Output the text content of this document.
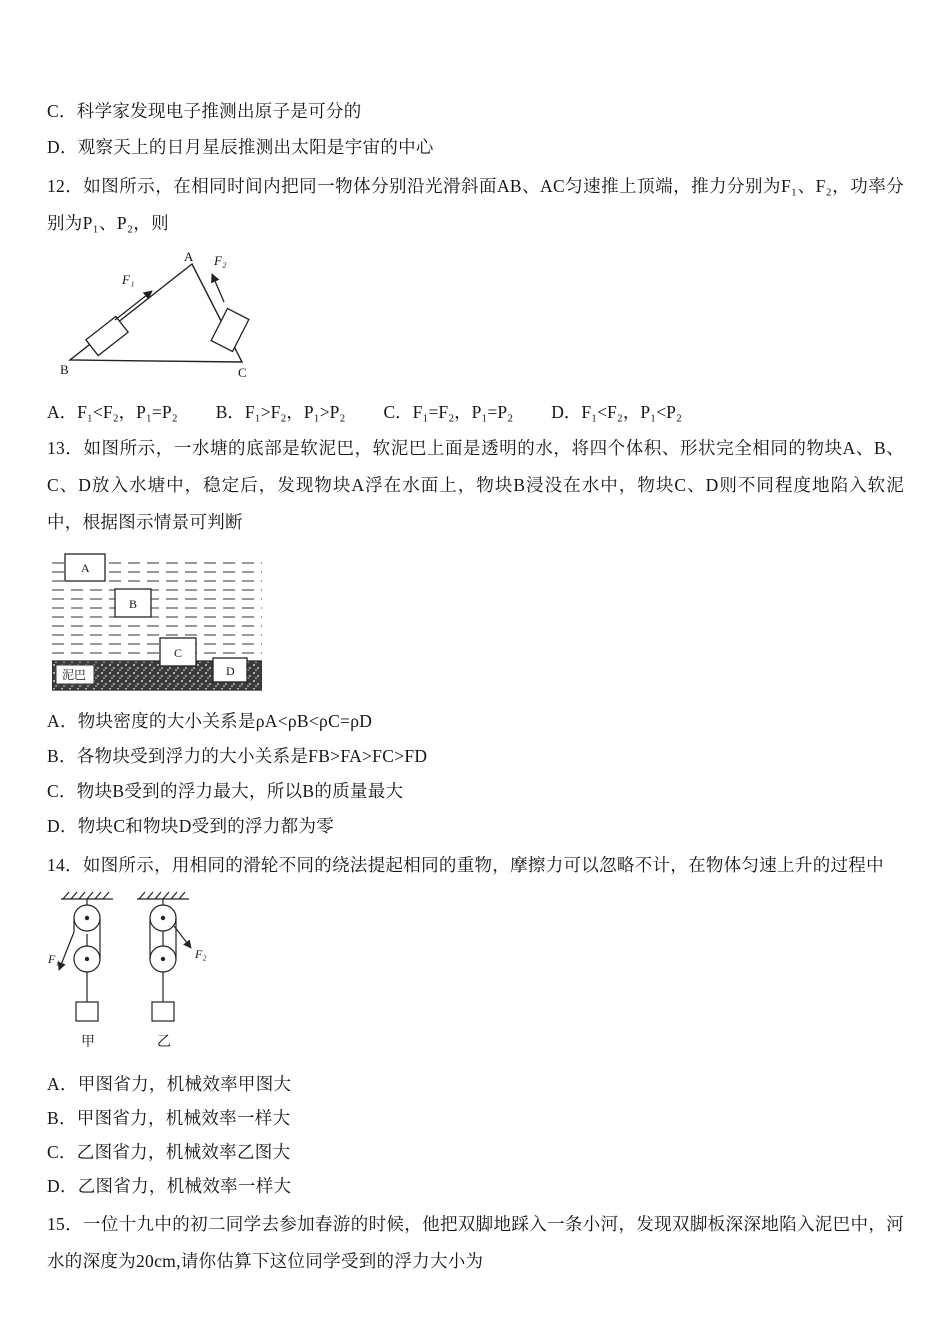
C．科学家发现电子推测出原子是可分的
D．观察天上的日月星辰推测出太阳是宇宙的中心

12．如图所示，在相同时间内把同一物体分别沿光滑斜面AB、AC匀速推上顶端，推力分别为F₁、F₂，功率分别为P₁、P₂，则

F₁
A F₂
B	C
A．F₁<F₂，P₁=P₂ B．F₁>F₂，P₁>P₂ C．F₁=F₂，P₁=P₂ D．F₁<F₂，P₁<P₂

13．如图所示，一水塘的底部是软泥巴，软泥巴上面是透明的水，将四个体积、形状完全相同的物块A、B、C、D放入水塘中，稳定后，发现物块A浮在水面上，物块B浸没在水中，物块C、D则不同程度地陷入软泥中，根据图示情景可判断

A
B
C
D
泥巴
A．物块密度的大小关系是ρA<ρB<ρC=ρD
B．各物块受到浮力的大小关系是FB>FA>FC>FD
C．物块B受到的浮力最大，所以B的质量最大
D．物块C和物块D受到的浮力都为零

14．如图所示，用相同的滑轮不同的绕法提起相同的重物，摩擦力可以忽略不计，在物体匀速上升的过程中

F₁
甲
F₂
乙
A．甲图省力，机械效率甲图大
B．甲图省力，机械效率一样大
C．乙图省力，机械效率乙图大
D．乙图省力，机械效率一样大

15．一位十九中的初二同学去参加春游的时候，他把双脚地踩入一条小河，发现双脚板深深地陷入泥巴中，河水的深度为20cm,请你估算下这位同学受到的浮力大小为
